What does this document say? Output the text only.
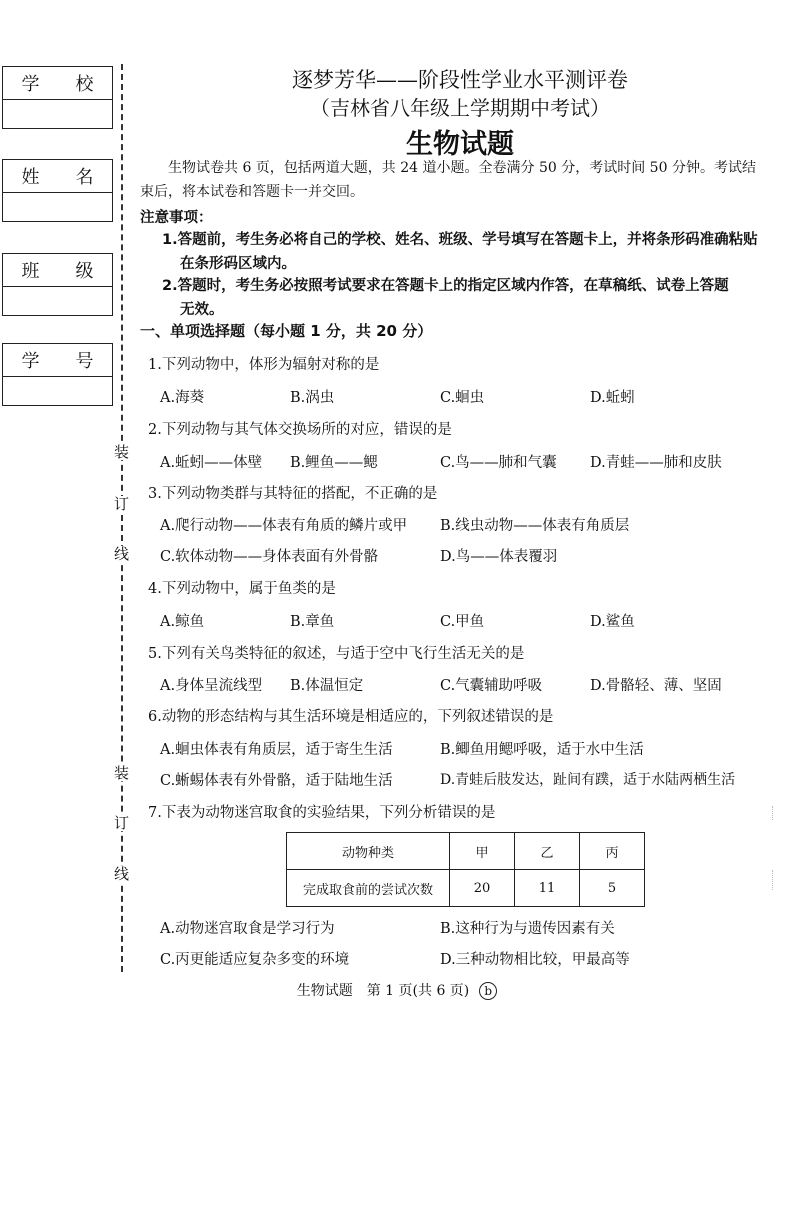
学　　校
姓　　名
班　　级
学　　号
装
订
线
装
订
线
逐梦芳华——阶段性学业水平测评卷
（吉林省八年级上学期期中考试）
生物试题
生物试卷共 6 页，包括两道大题，共 24 道小题。全卷满分 50 分，考试时间 50 分钟。考试结
束后，将本试卷和答题卡一并交回。
注意事项：
1.答题前，考生务必将自己的学校、姓名、班级、学号填写在答题卡上，并将条形码准确粘贴
在条形码区域内。
2.答题时，考生务必按照考试要求在答题卡上的指定区域内作答，在草稿纸、试卷上答题
无效。
一、单项选择题（每小题 1 分，共 20 分）
1.下列动物中，体形为辐射对称的是
A.海葵	B.涡虫	C.蛔虫	D.蚯蚓
2.下列动物与其气体交换场所的对应，错误的是
A.蚯蚓——体壁 B.鲤鱼——鳃	C.鸟——肺和气囊 D.青蛙——肺和皮肤
3.下列动物类群与其特征的搭配，不正确的是
A.爬行动物——体表有角质的鳞片或甲 B.线虫动物——体表有角质层
C.软体动物——身体表面有外骨骼	D.鸟——体表覆羽
4.下列动物中，属于鱼类的是
A.鲸鱼	B.章鱼	C.甲鱼	D.鲨鱼
5.下列有关鸟类特征的叙述，与适于空中飞行生活无关的是
A.身体呈流线型 B.体温恒定	C.气囊辅助呼吸	D.骨骼轻、薄、坚固
6.动物的形态结构与其生活环境是相适应的，下列叙述错误的是
A.蛔虫体表有角质层，适于寄生生活	B.鲫鱼用鳃呼吸，适于水中生活
C.蜥蜴体表有外骨骼，适于陆地生活	D.青蛙后肢发达，趾间有蹼，适于水陆两栖生活
7.下表为动物迷宫取食的实验结果，下列分析错误的是
动物种类	甲	乙	丙
完成取食前的尝试次数	20	11	5
A.动物迷宫取食是学习行为	B.这种行为与遗传因素有关
C.丙更能适应复杂多变的环境	D.三种动物相比较，甲最高等
生物试题　第 1 页(共 6 页) b
